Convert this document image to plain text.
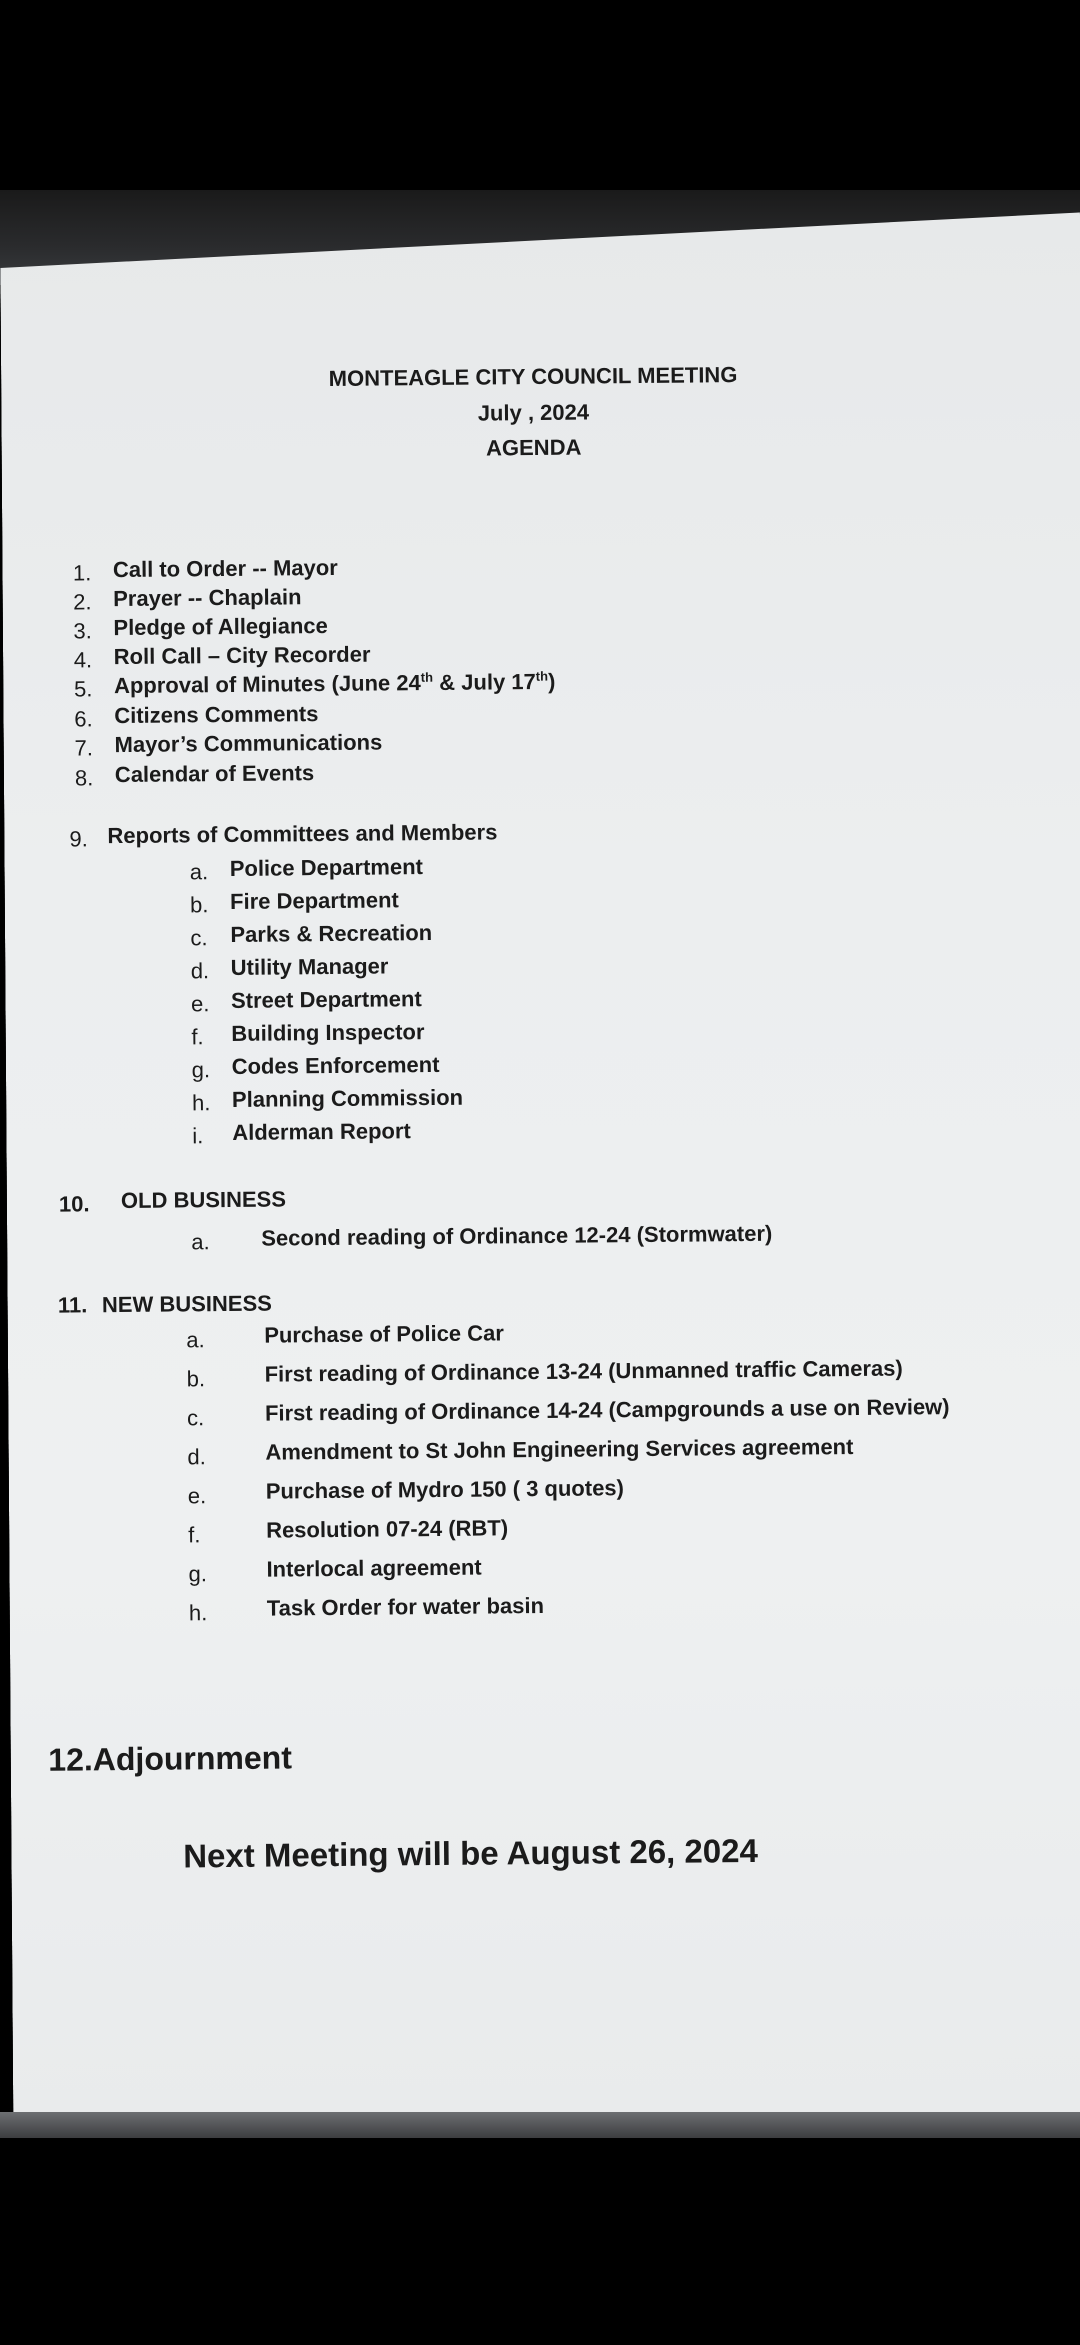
MONTEAGLE CITY COUNCIL MEETING
July , 2024
AGENDA
1. Call to Order -- Mayor
2. Prayer -- Chaplain
3. Pledge of Allegiance
4. Roll Call – City Recorder
5. Approval of Minutes (June 24th & July 17th)
6. Citizens Comments
7. Mayor’s Communications
8. Calendar of Events
9. Reports of Committees and Members
a. Police Department
b. Fire Department
c. Parks & Recreation
d. Utility Manager
e. Street Department
f. Building Inspector
g. Codes Enforcement
h. Planning Commission
i. Alderman Report
10. OLD BUSINESS
a. Second reading of Ordinance 12-24 (Stormwater)
11. NEW BUSINESS
a.	Purchase of Police Car
b.	First reading of Ordinance 13-24 (Unmanned traffic Cameras)
c.	First reading of Ordinance 14-24 (Campgrounds a use on Review)
d.	Amendment to St John Engineering Services agreement
e.	Purchase of Mydro 150 ( 3 quotes)
f.	Resolution 07-24 (RBT)
g.	Interlocal agreement
h.	Task Order for water basin
12.Adjournment
Next Meeting will be August 26, 2024
